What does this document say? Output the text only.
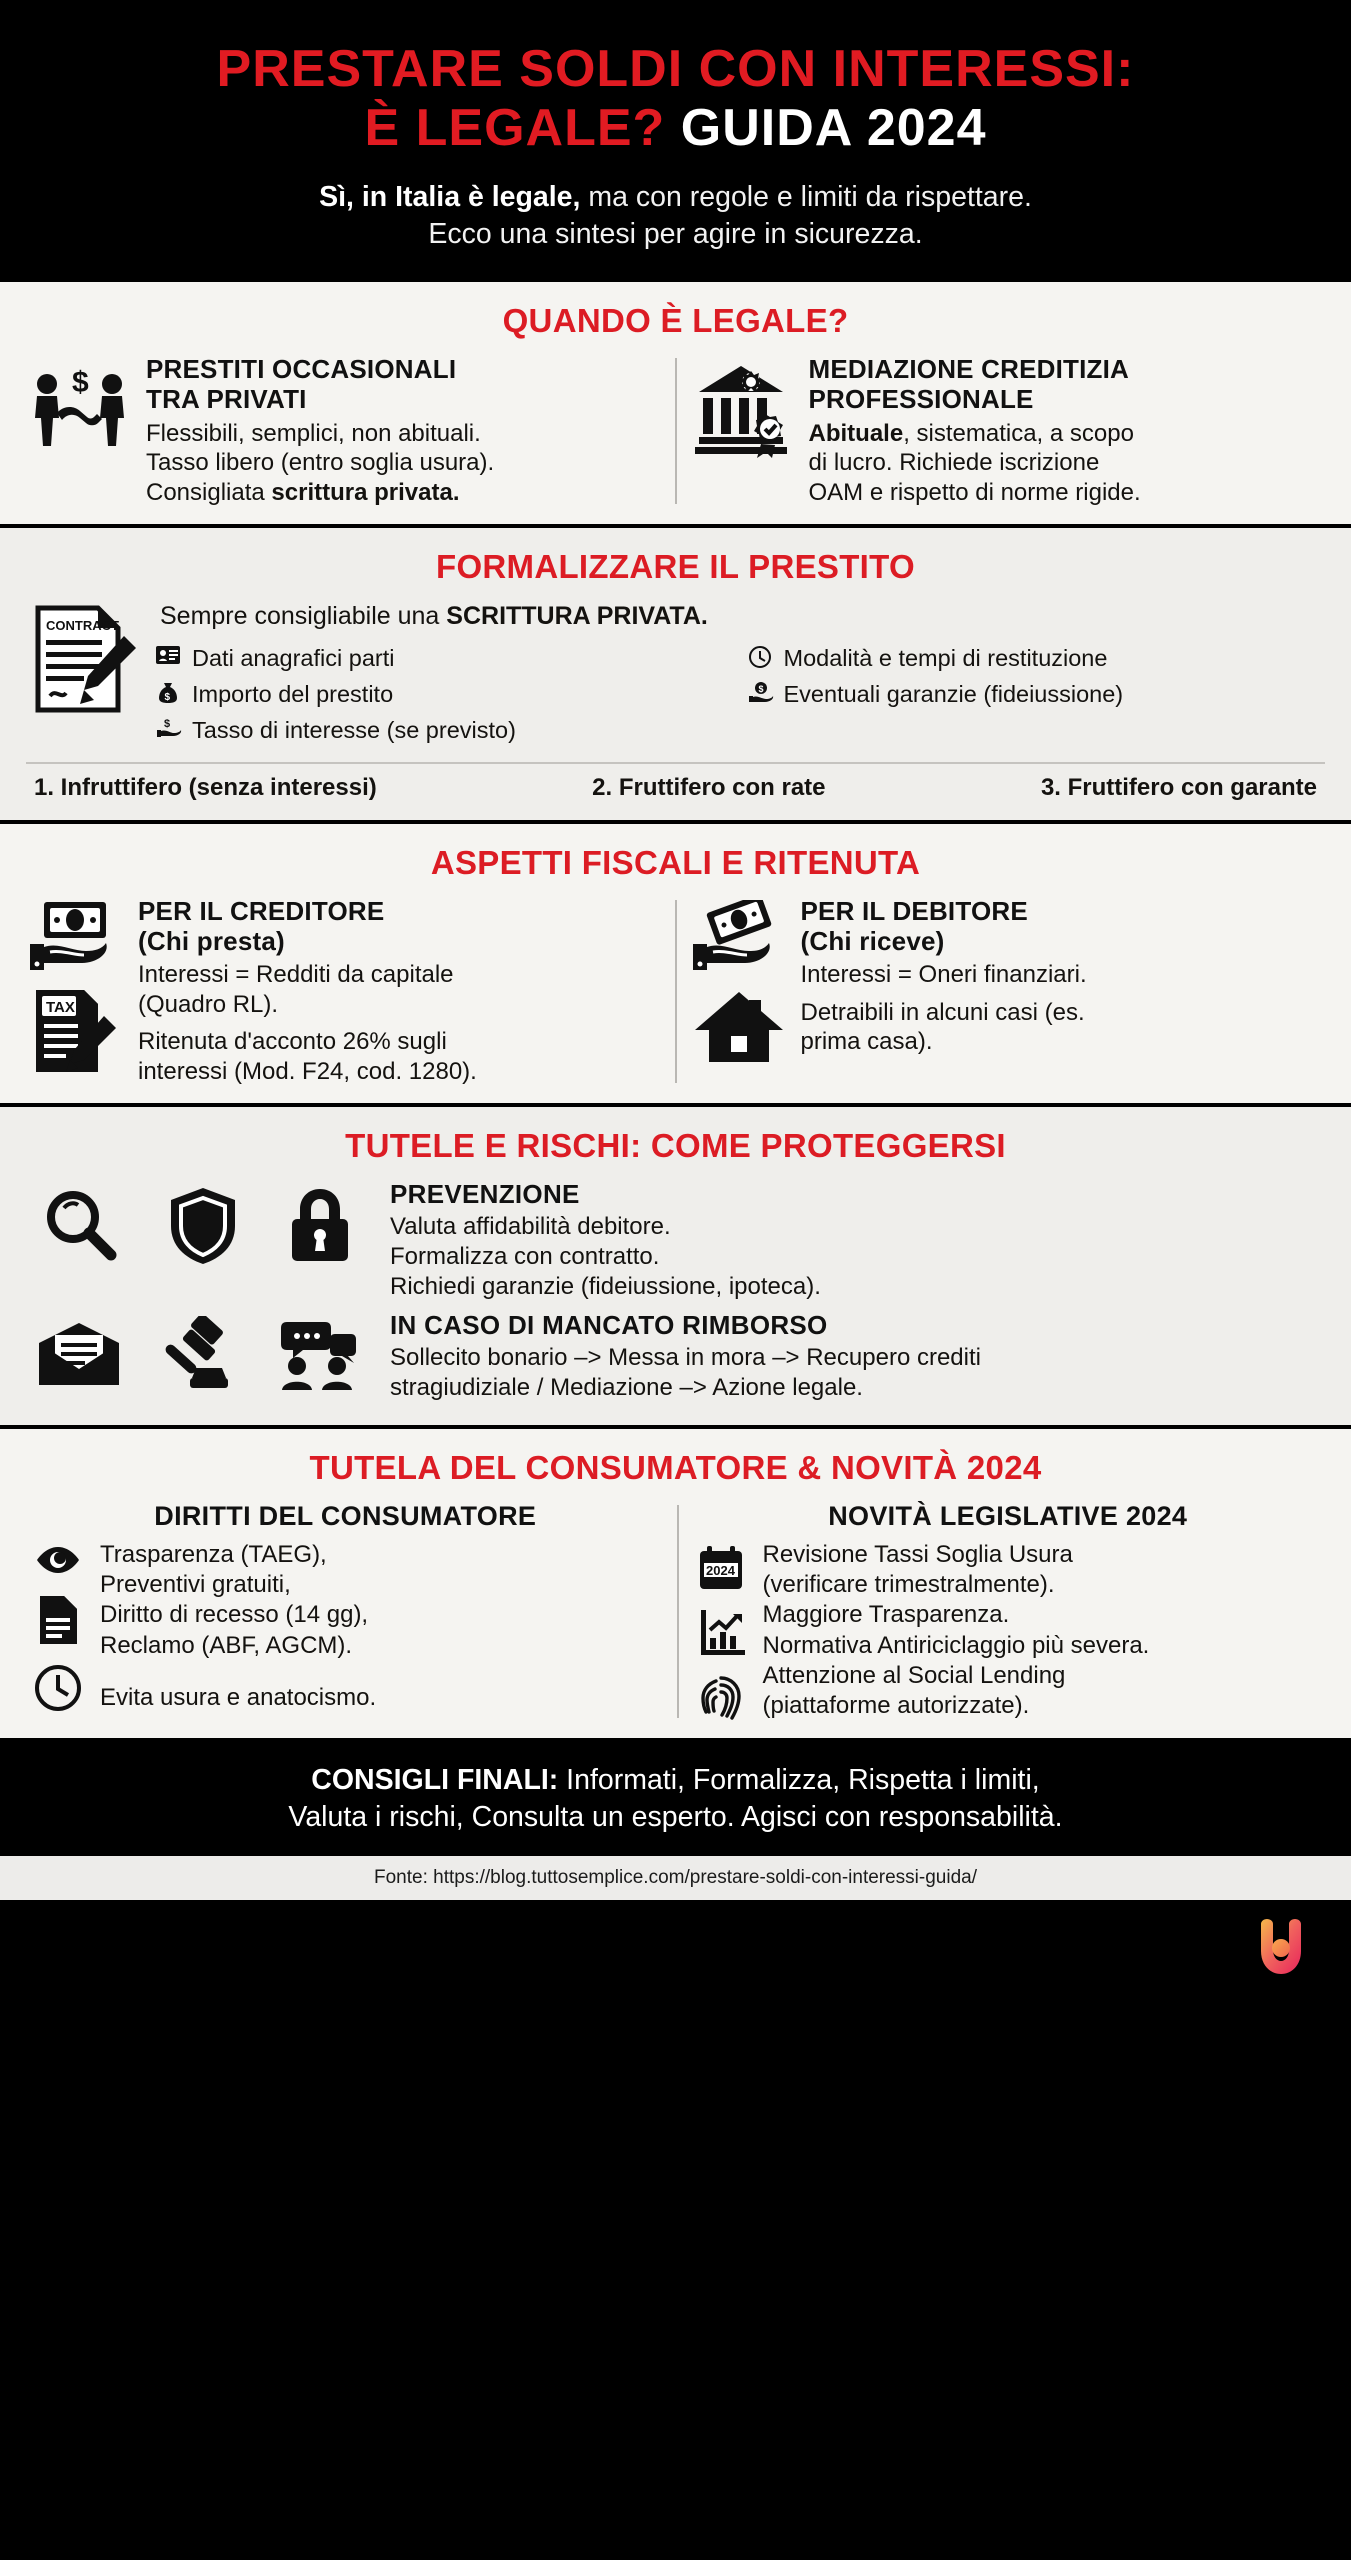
PRESTARE SOLDI CON INTERESSI:
È LEGALE? GUIDA 2024
Sì, in Italia è legale, ma con regole e limiti da rispettare.
Ecco una sintesi per agire in sicurezza.
QUANDO È LEGALE?
$ PRESTITI OCCASIONALI
TRA PRIVATI
Flessibili, semplici, non abituali.
Tasso libero (entro soglia usura).
Consigliata scrittura privata.
MEDIAZIONE CREDITIZIA
PROFESSIONALE
Abituale, sistematica, a scopo
di lucro. Richiede iscrizione
OAM e rispetto di norme rigide.
FORMALIZZARE IL PRESTITO
CONTRACT Sempre consigliabile una SCRITTURA PRIVATA.
Dati anagrafici parti
$ Importo del prestito
$ Tasso di interesse (se previsto)
Modalità e tempi di restituzione
$ Eventuali garanzie (fideiussione)
1. Infruttifero (senza interessi)	2. Fruttifero con rate	3. Fruttifero con garante
ASPETTI FISCALI E RITENUTA
TAX
PER IL CREDITORE
(Chi presta)
Interessi = Redditi da capitale
(Quadro RL).

Ritenuta d'acconto 26% sugli
interessi (Mod. F24, cod. 1280).

PER IL DEBITORE
(Chi riceve)
Interessi = Oneri finanziari.

Detraibili in alcuni casi (es.
prima casa).

TUTELE E RISCHI: COME PROTEGGERSI
PREVENZIONE
Valuta affidabilità debitore.
Formalizza con contratto.
Richiedi garanzie (fideiussione, ipoteca).
IN CASO DI MANCATO RIMBORSO
Sollecito bonario –> Messa in mora –> Recupero crediti
stragiudiziale / Mediazione –> Azione legale.
TUTELA DEL CONSUMATORE & NOVITÀ 2024
DIRITTI DEL CONSUMATORE
Trasparenza (TAEG),
Preventivi gratuiti,
Diritto di recesso (14 gg),
Reclamo (ABF, AGCM).
Evita usura e anatocismo.
NOVITÀ LEGISLATIVE 2024
2024
Revisione Tassi Soglia Usura
(verificare trimestralmente).
Maggiore Trasparenza.
Normativa Antiriciclaggio più severa.
Attenzione al Social Lending
(piattaforme autorizzate).
CONSIGLI FINALI: Informati, Formalizza, Rispetta i limiti,
Valuta i rischi, Consulta un esperto. Agisci con responsabilità.
Fonte: https://blog.tuttosemplice.com/prestare-soldi-con-interessi-guida/
